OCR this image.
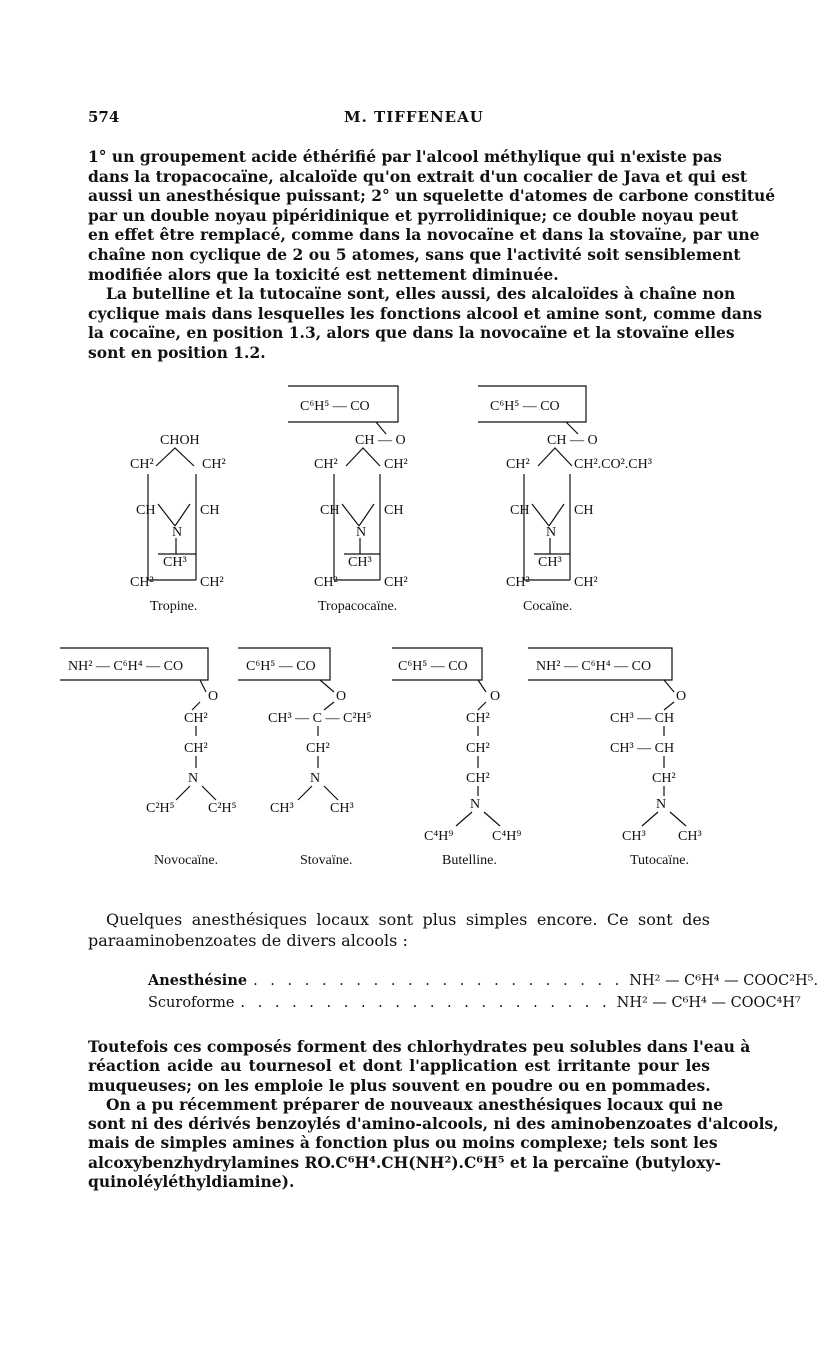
574	M. TIFFENEAU
1° un groupement acide éthérifié par l'alcool méthylique qui n'existe pas
dans la tropacocaïne, alcaloïde qu'on extrait d'un cocalier de Java et qui est
aussi un anesthésique puissant; 2° un squelette d'atomes de carbone constitué
par un double noyau pipéridinique et pyrrolidinique; ce double noyau peut
en effet être remplacé, comme dans la novocaïne et dans la stovaïne, par une
chaîne non cyclique de 2 ou 5 atomes, sans que l'activité soit sensiblement
modifiée alors que la toxicité est nettement diminuée.
La butelline et la tutocaïne sont, elles aussi, des alcaloïdes à chaîne non
cyclique mais dans lesquelles les fonctions alcool et amine sont, comme dans
la cocaïne, en position 1.3, alors que dans la novocaïne et la stovaïne elles
sont en position 1.2.
CHOH
CH²	CH²
CH	CH
N
CH³
CH²	CH²
Tropine.
C⁶H⁵ — CO
CH — O
CH²	CH²
CH	CH
N
CH³
CH²	CH²
Tropacocaïne.
C⁶H⁵ — CO
CH — O
CH²	CH².CO².CH³
CH	CH
N
CH³
CH²	CH²
Cocaïne.
NH² — C⁶H⁴ — CO
O
CH²
CH²
N
C²H⁵ C²H⁵
Novocaïne.
C⁶H⁵ — CO
O
CH³ — C — C²H⁵
CH²
N
CH³	CH³
Stovaïne.
C⁶H⁵ — CO
O
CH²
CH²
CH²
N
C⁴H⁹	C⁴H⁹
Butelline.
NH² — C⁶H⁴ — CO
O
CH³ — CH
CH³ — CH
CH²
N
CH³ CH³
Tutocaïne.
Quelques anesthésiques locaux sont plus simples encore. Ce sont des
paraaminobenzoates de divers alcools :
Anesthésine . . . . . . . . . . . . . . . . . . . . . . NH² — C⁶H⁴ — COOC²H⁵.
Scuroforme . . . . . . . . . . . . . . . . . . . . . . NH² — C⁶H⁴ — COOC⁴H⁷
Toutefois ces composés forment des chlorhydrates peu solubles dans l'eau à
réaction acide au tournesol et dont l'application est irritante pour les
muqueuses; on les emploie le plus souvent en poudre ou en pommades.
On a pu récemment préparer de nouveaux anesthésiques locaux qui ne
sont ni des dérivés benzoylés d'amino-alcools, ni des aminobenzoates d'alcools,
mais de simples amines à fonction plus ou moins complexe; tels sont les
alcoxybenzhydrylamines RO.C⁶H⁴.CH(NH²).C⁶H⁵ et la percaïne (butyloxy-
quinoléyléthyldiamine).
